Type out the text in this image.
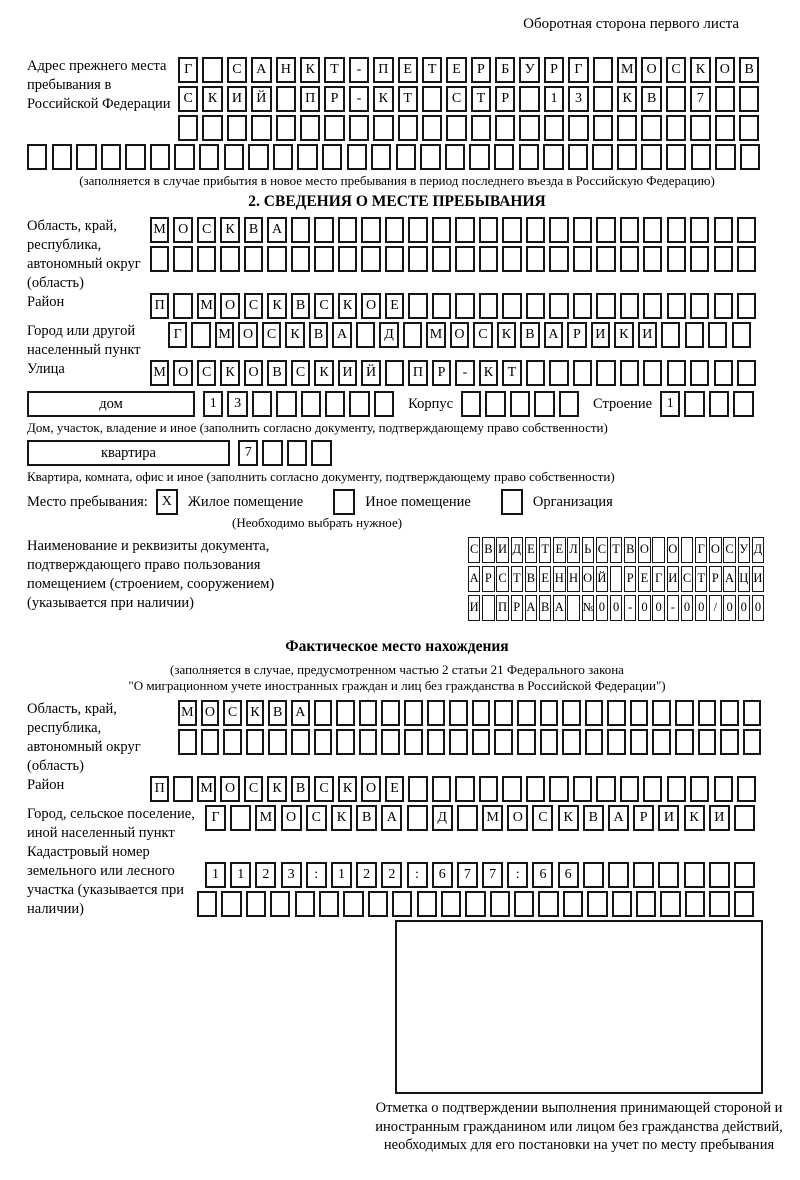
Оборотная сторона первого листа
Адрес прежнего места пребывания в Российской Федерации
Г	С	А	Н	К	Т	-	П	Е	Т	Е	Р	Б	У	Р	Г	М О	С	К	О	В
С	К	И	Й	П	Р	-	К	Т	С	Т	Р	1	3	К	В	7
(заполняется в случае прибытия в новое место пребывания в период последнего въезда в Российскую Федерацию)
2. СВЕДЕНИЯ О МЕСТЕ ПРЕБЫВАНИЯ
Область, край, республика, автономный округ (область)
М О С	К	В А
Район	П	М О С	К	В	С	К О	Е
Город или другой населенный пункт
Г	М О С	К	В А	Д	М О С	К	В А	Р	И К И
Улица	М О С	К О В	С	К И Й	П	Р	-	К	Т
дом	1	3	Корпус	Строение	1
Дом, участок, владение и иное (заполнить согласно документу, подтверждающему право собственности)
квартира	7
Квартира, комната, офис и иное (заполнить согласно документу, подтверждающему право собственности)
Место пребывания: X	Жилое помещение	Иное помещение	Организация
(Необходимо выбрать нужное)
Наименование и реквизиты документа, подтверждающего право пользования помещением (строением, сооружением) (указывается при наличии)
С В И Д Е Т Е Л Ь С Т В О О Г О С У Д
А Р С Т В Е Н Н О Й Р Е Г И С Т Р А Ц И
И П Р А В А № 0 0 - 0 0 - 0 0 / 0 0 0
Фактическое место нахождения
(заполняется в случае, предусмотренном частью 2 статьи 21 Федерального закона
"О миграционном учете иностранных граждан и лиц без гражданства в Российской Федерации")
Область, край, республика, автономный округ (область)
М О С К В А
Район	П	М О С	К	В	С	К О	Е
Город, сельское поселение, иной населенный пункт
Г	М О	С	К	В	А	Д	М О	С	К	В	А	Р	И	К	И
Кадастровый номер земельного или лесного участка (указывается при наличии)
1	1	2	3	:	1	2	2	:	6	7	7	:	6	6
Отметка о подтверждении выполнения принимающей стороной и иностранным гражданином или лицом без гражданства действий, необходимых для его постановки на учет по месту пребывания
